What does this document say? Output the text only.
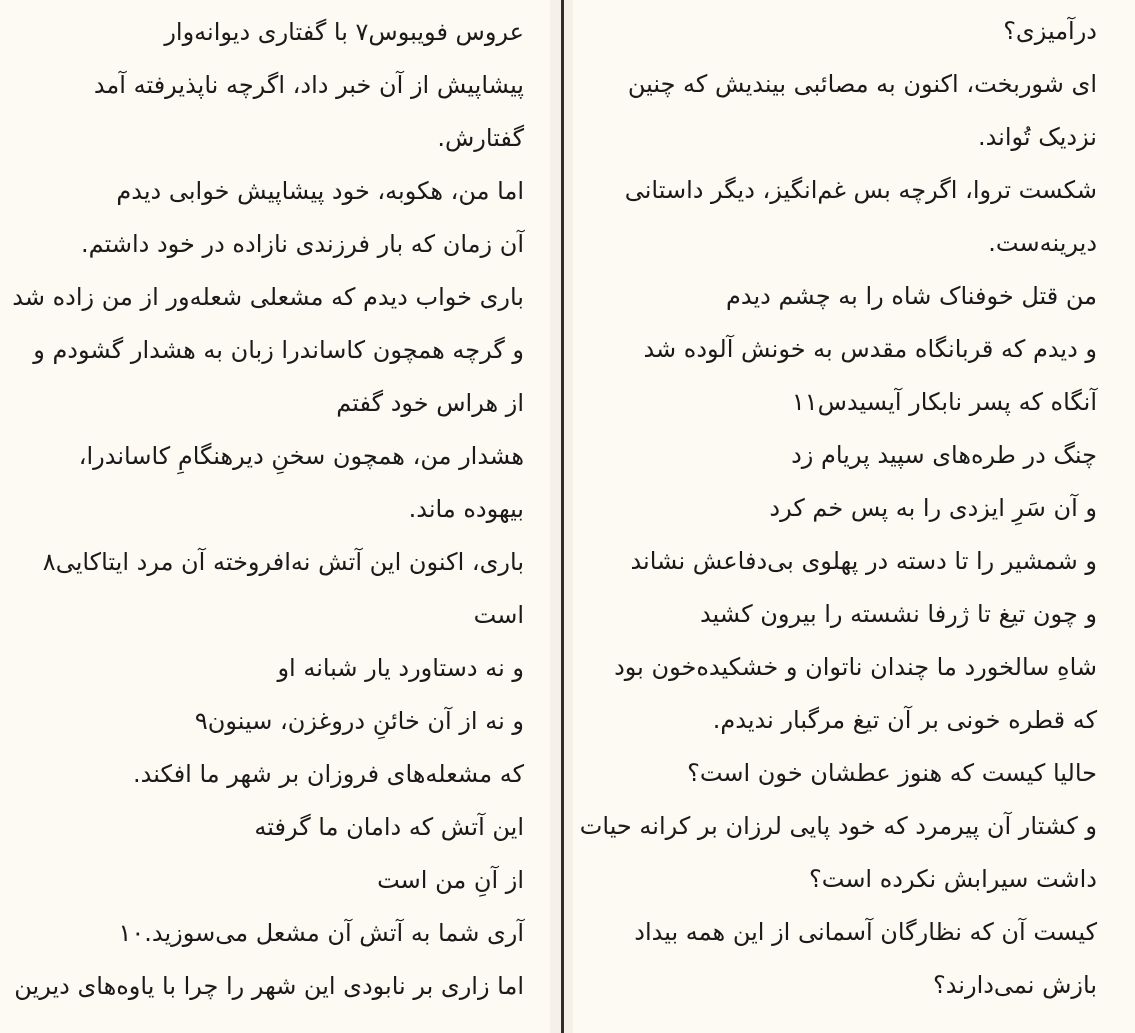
عروس فویبوس۷ با گفتاری دیوانه‌وار

پیشاپیش از آن خبر داد، اگرچه ناپذیرفته آمد

گفتارش.

اما من، هکوبه، خود پیشاپیش خوابی دیدم

آن زمان که بار فرزندی نازاده در خود داشتم.

باری خواب دیدم که مشعلی شعله‌ور از من زاده شد

و گرچه همچون کاساندرا زبان به هشدار گشودم و

از هراس خود گفتم

هشدار من، همچون سخنِ دیرهنگامِ کاساندرا،

بیهوده ماند.

باری، اکنون این آتش نه‌افروخته آن مرد ایتاکایی۸

است

و نه دستاورد یار شبانه او

و نه از آن خائنِ دروغزن، سینون۹

که مشعله‌های فروزان بر شهر ما افکند.

این آتش که دامان ما گرفته

از آنِ من است

آری شما به آتش آن مشعل می‌سوزید.۱۰

اما زاری بر نابودی این شهر را چرا با یاوه‌های دیرین

درآمیزی؟

ای شوربخت، اکنون به مصائبی بیندیش که چنین

نزدیک تُواند.

شکست تروا، اگرچه بس غم‌انگیز، دیگر داستانی

دیرینه‌ست.

من قتل خوفناک شاه را به چشم دیدم

و دیدم که قربانگاه مقدس به خونش آلوده شد

آنگاه که پسر نابکار آیسیدس۱۱

چنگ در طره‌های سپید پریام زد

و آن سَرِ ایزدی را به پس خم کرد

و شمشیر را تا دسته در پهلوی بی‌دفاعش نشاند

و چون تیغ تا ژرفا نشسته را بیرون کشید

شاهِ سالخورد ما چندان ناتوان و خشکیده‌خون بود

که قطره خونی بر آن تیغ مرگبار ندیدم.

حالیا کیست که هنوز عطشان خون است؟

و کشتار آن پیرمرد که خود پایی لرزان بر کرانه حیات

داشت سیرابش نکرده است؟

کیست آن که نظارگان آسمانی از این همه بیداد

بازش نمی‌دارند؟
